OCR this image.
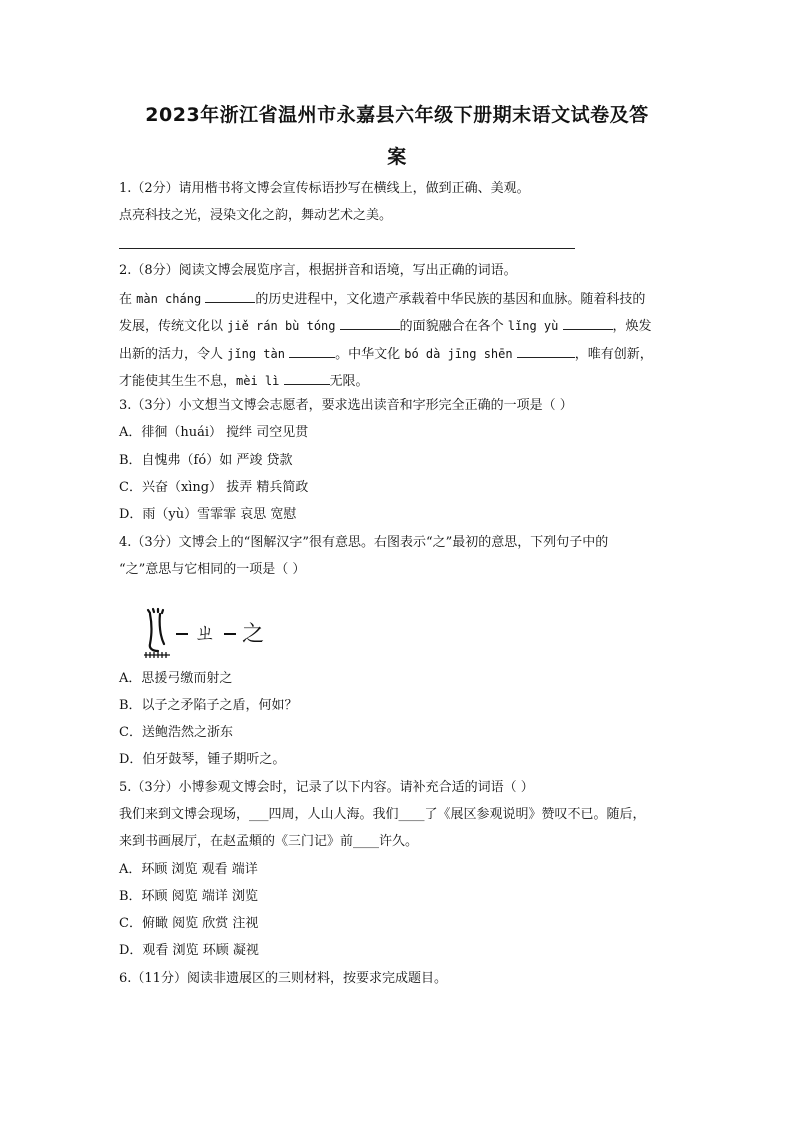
2023年浙江省温州市永嘉县六年级下册期末语文试卷及答
案
1.（2分）请用楷书将文博会宣传标语抄写在横线上，做到正确、美观。
点亮科技之光，浸染文化之韵，舞动艺术之美。
2.（8分）阅读文博会展览序言，根据拼音和语境，写出正确的词语。
在 màn cháng	的历史进程中，文化遗产承载着中华民族的基因和血脉。随着科技的
发展，传统文化以 jiě rán bù tóng	的面貌融合在各个 lǐng yù	，焕发
出新的活力，令人 jǐng tàn	。中华文化 bó dà jīng shēn	，唯有创新，
才能使其生生不息，mèi lì	无限。
3.（3分）小文想当文博会志愿者，要求选出读音和字形完全正确的一项是（ ）
A．徘徊（huái） 搅绊 司空见贯
B．自愧弗（fó）如 严竣 贷款
C．兴奋（xìng） 拔弄 精兵简政
D．雨（yù）雪霏霏 哀思 宽慰
4.（3分）文博会上的“图解汉字”很有意思。右图表示“之”最初的意思，下列句子中的
“之”意思与它相同的一项是（ ）
ㄓ 之
A．思援弓缴而射之
B．以子之矛陷子之盾，何如？
C．送鲍浩然之浙东
D．伯牙鼓琴，锺子期听之。
5.（3分）小博参观文博会时，记录了以下内容。请补充合适的词语（ ）
我们来到文博会现场，___四周，人山人海。我们____了《展区参观说明》赞叹不已。随后，
来到书画展厅，在赵孟頫的《三门记》前____许久。
A．环顾 浏览 观看 端详
B．环顾 阅览 端详 浏览
C．俯瞰 阅览 欣赏 注视
D．观看 浏览 环顾 凝视
6.（11分）阅读非遗展区的三则材料，按要求完成题目。
